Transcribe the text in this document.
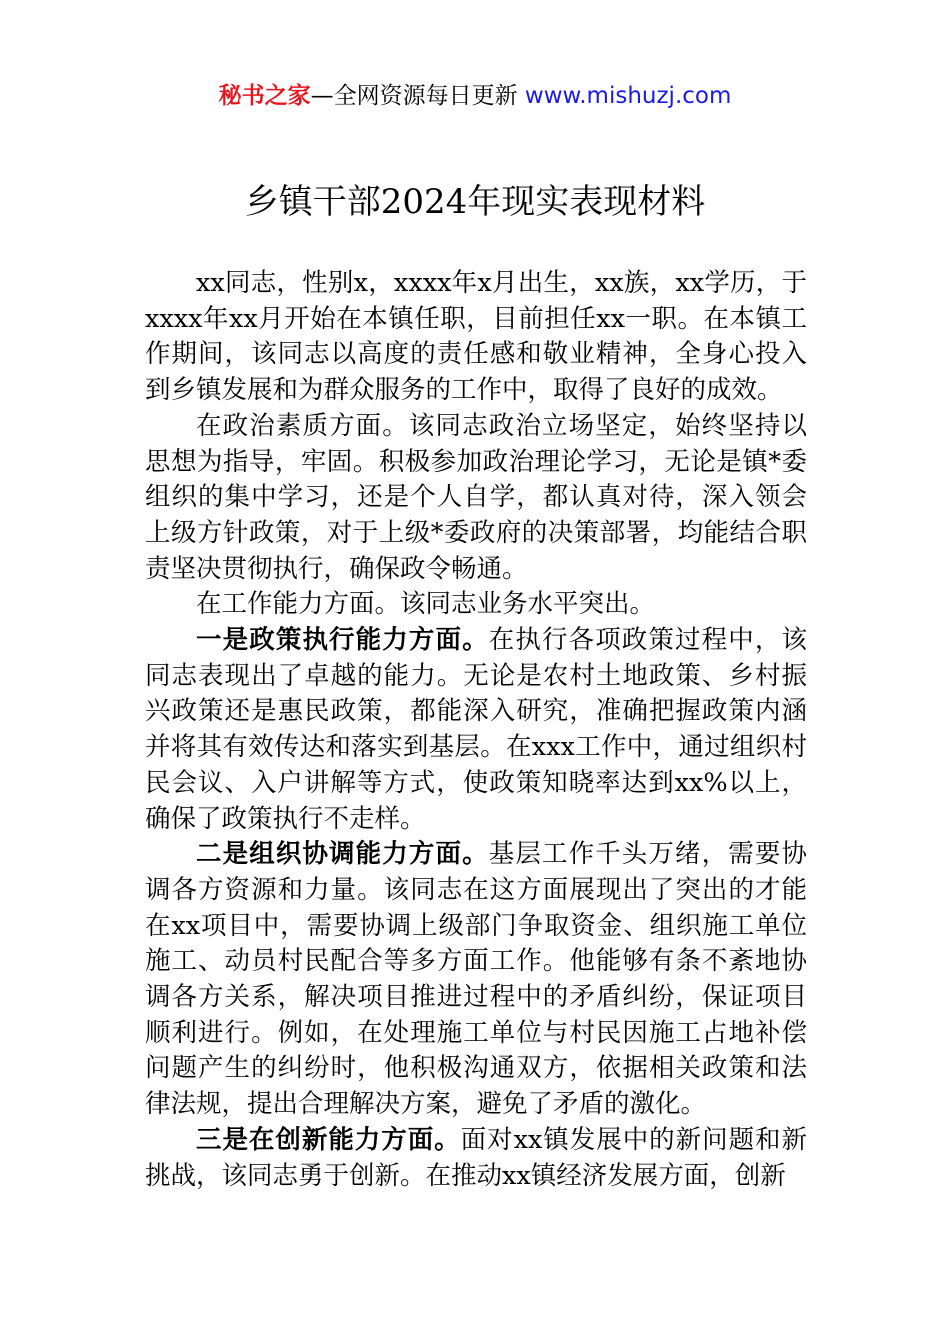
秘书之家—全网资源每日更新 www.mishuzj.com
乡镇干部2024年现实表现材料

xx同志，性别x，xxxx年x月出生，xx族，xx学历，于xxxx年xx月开始在本镇任职，目前担任xx一职。在本镇工作期间，该同志以高度的责任感和敬业精神，全身心投入到乡镇发展和为群众服务的工作中，取得了良好的成效。

在政治素质方面。该同志政治立场坚定，始终坚持以思想为指导，牢固。积极参加政治理论学习，无论是镇*委组织的集中学习，还是个人自学，都认真对待，深入领会上级方针政策，对于上级*委政府的决策部署，均能结合职责坚决贯彻执行，确保政令畅通。

在工作能力方面。该同志业务水平突出。

一是政策执行能力方面。在执行各项政策过程中，该同志表现出了卓越的能力。无论是农村土地政策、乡村振兴政策还是惠民政策，都能深入研究，准确把握政策内涵并将其有效传达和落实到基层。在xxx工作中，通过组织村民会议、入户讲解等方式，使政策知晓率达到xx%以上，确保了政策执行不走样。

二是组织协调能力方面。基层工作千头万绪，需要协调各方资源和力量。该同志在这方面展现出了突出的才能在xx项目中，需要协调上级部门争取资金、组织施工单位施工、动员村民配合等多方面工作。他能够有条不紊地协调各方关系，解决项目推进过程中的矛盾纠纷，保证项目顺利进行。例如，在处理施工单位与村民因施工占地补偿问题产生的纠纷时，他积极沟通双方，依据相关政策和法律法规，提出合理解决方案，避免了矛盾的激化。

三是在创新能力方面。面对xx镇发展中的新问题和新挑战，该同志勇于创新。在推动xx镇经济发展方面，创新
